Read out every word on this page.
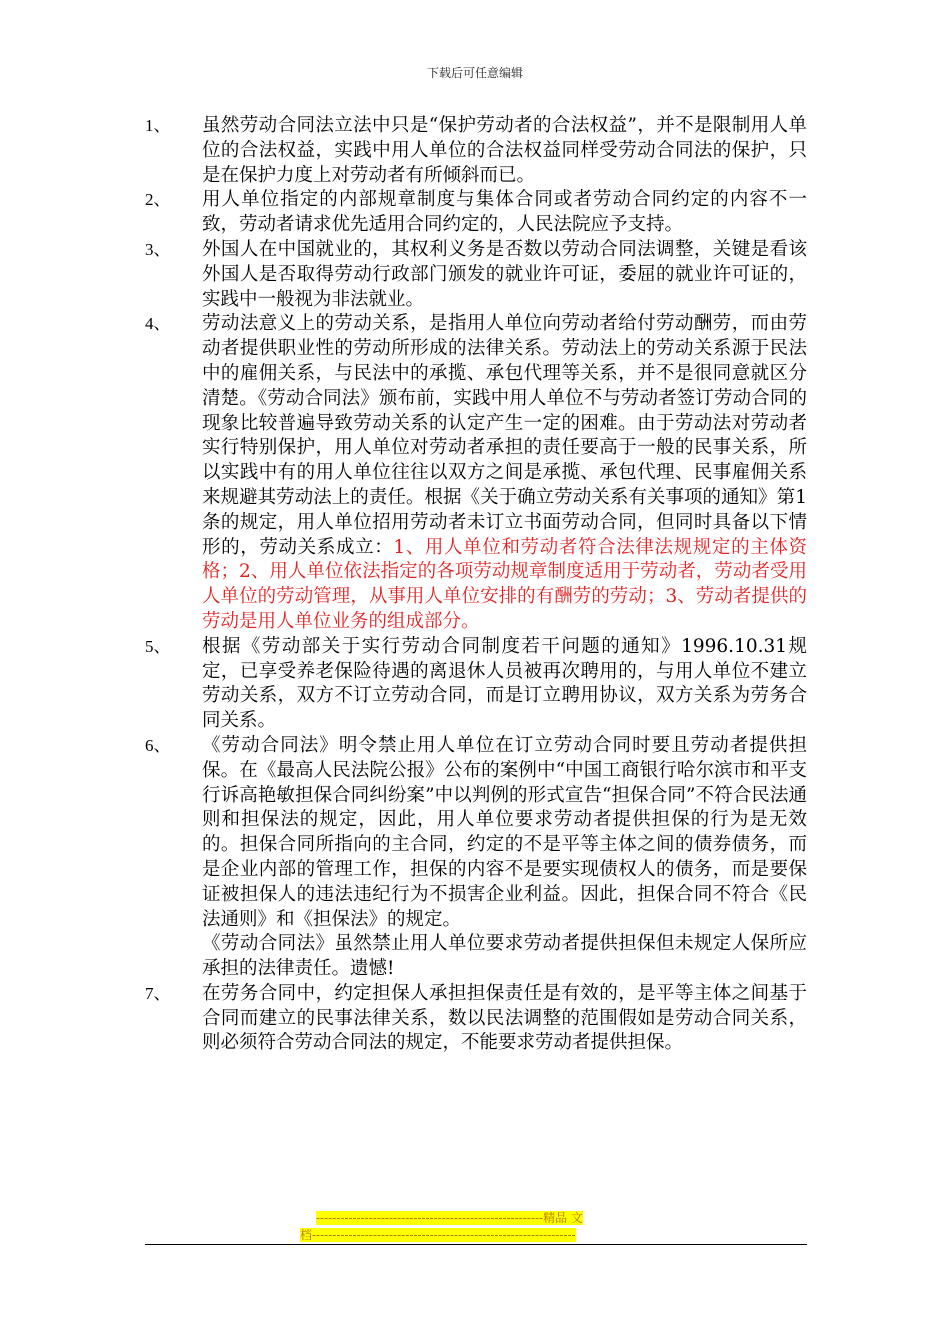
下载后可任意编辑
1、	虽然劳动合同法立法中只是“保护劳动者的合法权益”，并不是限制用人单位的合法权益，实践中用人单位的合法权益同样受劳动合同法的保护，只是在保护力度上对劳动者有所倾斜而已。
2、	用人单位指定的内部规章制度与集体合同或者劳动合同约定的内容不一致，劳动者请求优先适用合同约定的，人民法院应予支持。
3、	外国人在中国就业的，其权利义务是否数以劳动合同法调整，关键是看该外国人是否取得劳动行政部门颁发的就业许可证，委屈的就业许可证的，实践中一般视为非法就业。
4、	劳动法意义上的劳动关系，是指用人单位向劳动者给付劳动酬劳，而由劳动者提供职业性的劳动所形成的法律关系。劳动法上的劳动关系源于民法中的雇佣关系，与民法中的承揽、承包代理等关系，并不是很同意就区分清楚。《劳动合同法》颁布前，实践中用人单位不与劳动者签订劳动合同的现象比较普遍导致劳动关系的认定产生一定的困难。由于劳动法对劳动者实行特别保护，用人单位对劳动者承担的责任要高于一般的民事关系，所以实践中有的用人单位往往以双方之间是承揽、承包代理、民事雇佣关系来规避其劳动法上的责任。根据《关于确立劳动关系有关事项的通知》第1条的规定，用人单位招用劳动者未订立书面劳动合同，但同时具备以下情形的，劳动关系成立：1、用人单位和劳动者符合法律法规规定的主体资格；2、用人单位依法指定的各项劳动规章制度适用于劳动者，劳动者受用人单位的劳动管理，从事用人单位安排的有酬劳的劳动；3、劳动者提供的劳动是用人单位业务的组成部分。
5、	根据《劳动部关于实行劳动合同制度若干问题的通知》1996.10.31规定，已享受养老保险待遇的离退休人员被再次聘用的，与用人单位不建立劳动关系，双方不订立劳动合同，而是订立聘用协议，双方关系为劳务合同关系。
6、	《劳动合同法》明令禁止用人单位在订立劳动合同时要且劳动者提供担保。在《最高人民法院公报》公布的案例中“中国工商银行哈尔滨市和平支行诉高艳敏担保合同纠纷案”中以判例的形式宣告“担保合同”不符合民法通则和担保法的规定，因此，用人单位要求劳动者提供担保的行为是无效的。担保合同所指向的主合同，约定的不是平等主体之间的债券债务，而是企业内部的管理工作，担保的内容不是要实现债权人的债务，而是要保证被担保人的违法违纪行为不损害企业利益。因此，担保合同不符合《民法通则》和《担保法》的规定。
《劳动合同法》虽然禁止用人单位要求劳动者提供担保但未规定人保所应承担的法律责任。遗憾!
7、	在劳务合同中，约定担保人承担担保责任是有效的，是平等主体之间基于合同而建立的民事法律关系，数以民法调整的范围假如是劳动合同关系，则必须符合劳动合同法的规定，不能要求劳动者提供担保。
--------------------------------------------------------精品 文
档-----------------------------------------------------------------
